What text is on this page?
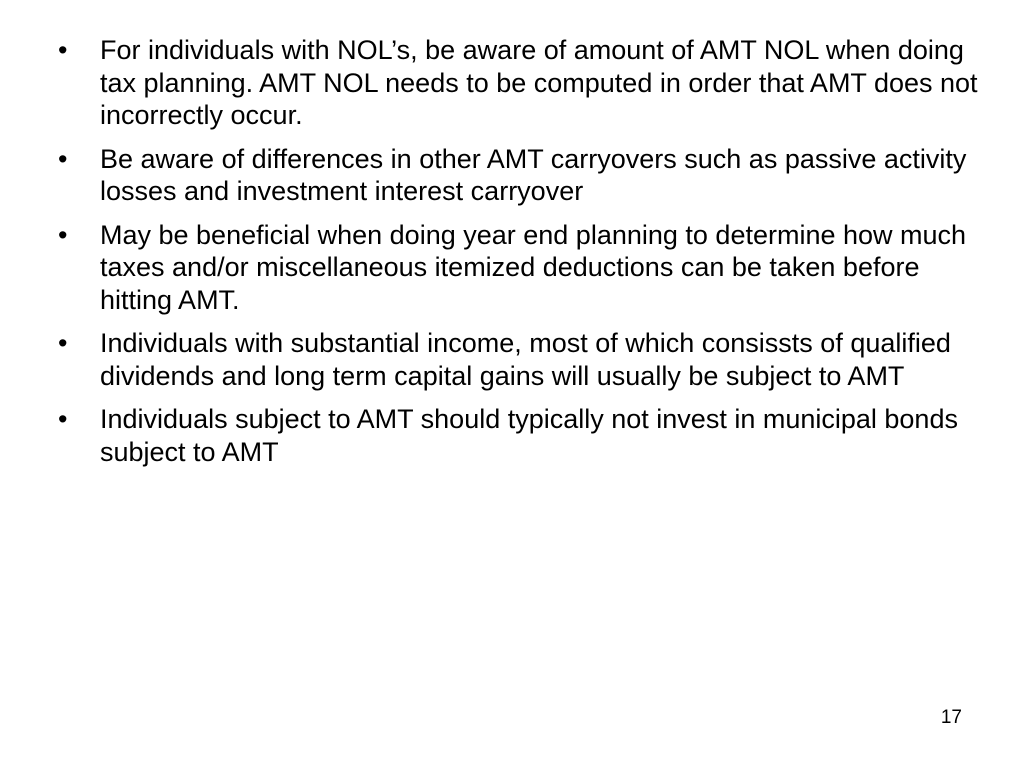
•	For individuals with NOL’s, be aware of amount of AMT NOL when doing tax planning. AMT NOL needs to be computed in order that AMT does not incorrectly occur.
•	Be aware of differences in other AMT carryovers such as passive activity losses and investment interest carryover
•	May be beneficial when doing year end planning to determine how much taxes and/or miscellaneous itemized deductions can be taken before hitting AMT.
•	Individuals with substantial income, most of which consissts of qualified dividends and long term capital gains will usually be subject to AMT
•	Individuals subject to AMT should typically not invest in municipal bonds subject to AMT
17
